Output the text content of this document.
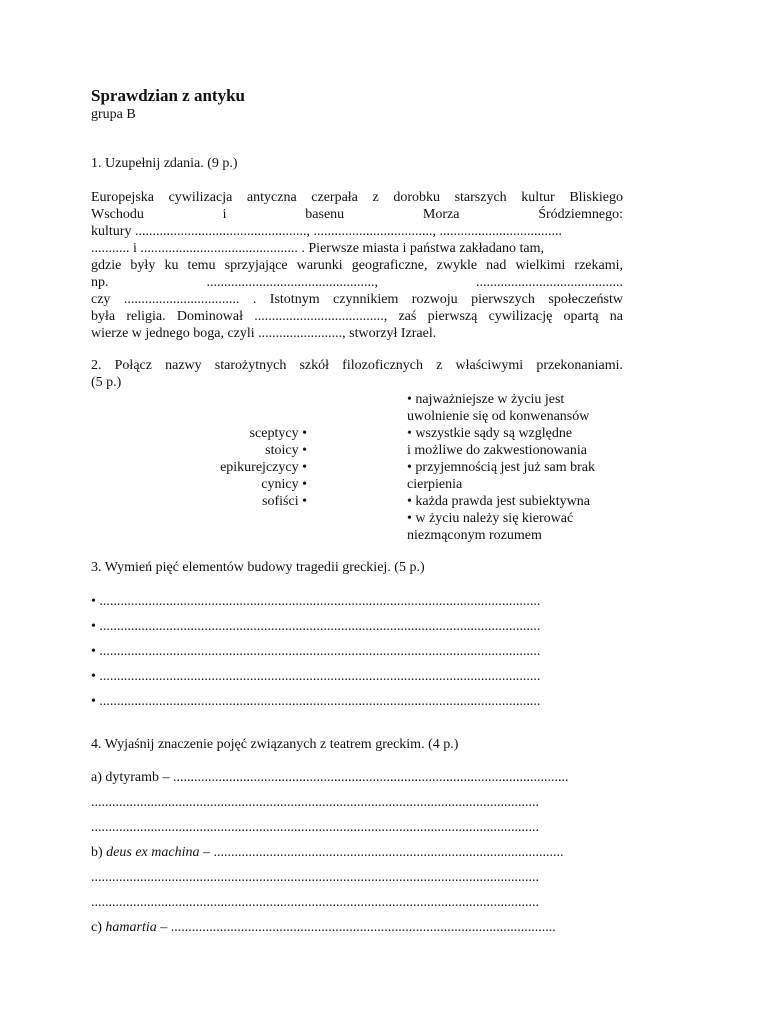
Sprawdzian z antyku
grupa B
1. Uzupełnij zdania. (9 p.)
Europejska cywilizacja antyczna czerpała z dorobku starszych kultur Bliskiego
Wschodu i basenu Morza Śródziemnego:
kultury ................................................., .................................., ...................................
........... i ............................................. . Pierwsze miasta i państwa zakładano tam,
gdzie były ku temu sprzyjające warunki geograficzne, zwykle nad wielkimi rzekami,
np. ................................................, ..........................................
czy ................................. . Istotnym czynnikiem rozwoju pierwszych społeczeństw
była religia. Dominował ....................................., zaś pierwszą cywilizację opartą na
wierze w jednego boga, czyli ........................, stworzył Izrael.
2. Połącz nazwy starożytnych szkół filozoficznych z właściwymi przekonaniami.
(5 p.)
sceptycy •
stoicy •
epikurejczycy •
cynicy •
sofiści •
• najważniejsze w życiu jest
uwolnienie się od konwenansów
• wszystkie sądy są względne
i możliwe do zakwestionowania
• przyjemnością jest już sam brak
cierpienia
• każda prawda jest subiektywna
• w życiu należy się kierować
niezmąconym rozumem
3. Wymień pięć elementów budowy tragedii greckiej. (5 p.)
• ..............................................................................................................................
• ..............................................................................................................................
• ..............................................................................................................................
• ..............................................................................................................................
• ..............................................................................................................................
4. Wyjaśnij znaczenie pojęć związanych z teatrem greckim. (4 p.)
a) dytyramb – .................................................................................................................
................................................................................................................................
................................................................................................................................
b) deus ex machina – ....................................................................................................
................................................................................................................................
................................................................................................................................
c) hamartia – ..............................................................................................................
